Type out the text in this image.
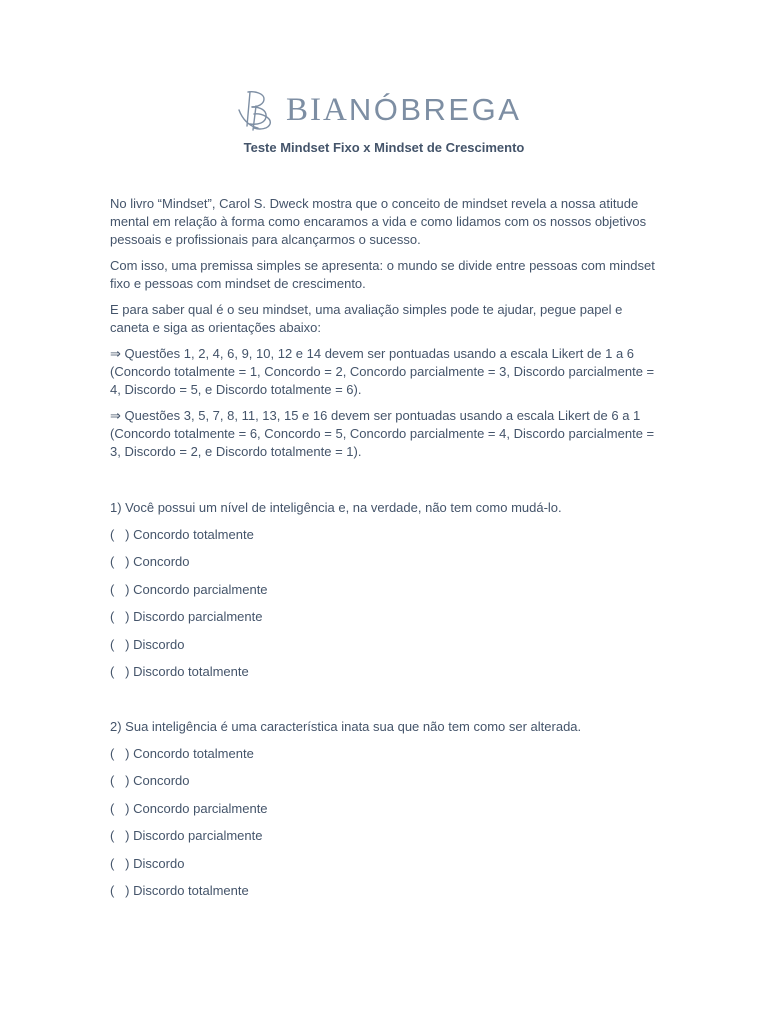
BIANÓBREGA
Teste Mindset Fixo x Mindset de Crescimento

No livro “Mindset”, Carol S. Dweck mostra que o conceito de mindset revela a nossa atitude mental em relação à forma como encaramos a vida e como lidamos com os nossos objetivos pessoais e profissionais para alcançarmos o sucesso.

Com isso, uma premissa simples se apresenta: o mundo se divide entre pessoas com mindset fixo e pessoas com mindset de crescimento.

E para saber qual é o seu mindset, uma avaliação simples pode te ajudar, pegue papel e caneta e siga as orientações abaixo:

⇒ Questões 1, 2, 4, 6, 9, 10, 12 e 14 devem ser pontuadas usando a escala Likert de 1 a 6 (Concordo totalmente = 1, Concordo = 2, Concordo parcialmente = 3, Discordo parcialmente = 4, Discordo = 5, e Discordo totalmente = 6).

⇒ Questões 3, 5, 7, 8, 11, 13, 15 e 16 devem ser pontuadas usando a escala Likert de 6 a 1 (Concordo totalmente = 6, Concordo = 5, Concordo parcialmente = 4, Discordo parcialmente = 3, Discordo = 2, e Discordo totalmente = 1).

1) Você possui um nível de inteligência e, na verdade, não tem como mudá-lo.

(   ) Concordo totalmente
(   ) Concordo
(   ) Concordo parcialmente
(   ) Discordo parcialmente
(   ) Discordo
(   ) Discordo totalmente

2) Sua inteligência é uma característica inata sua que não tem como ser alterada.

(   ) Concordo totalmente
(   ) Concordo
(   ) Concordo parcialmente
(   ) Discordo parcialmente
(   ) Discordo
(   ) Discordo totalmente
